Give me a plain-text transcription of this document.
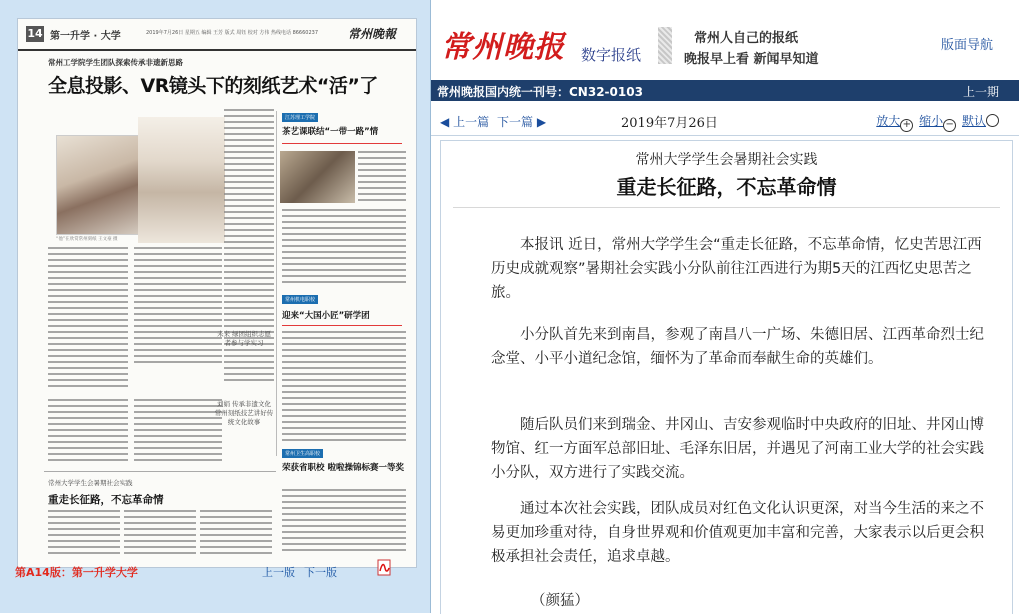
14 第一升学 · 大学	2019年7月26日 星期五 编辑 王芳 版式 周钰 校对 方伟 热线电话 86660237 常州晚報
常州工学院学生团队探索传承非遗新思路
全息投影、VR镜头下的刻纸艺术“活”了
“他”在欣赏常州刻纸 王文豪 摄
江苏理工学院
茶艺课联结“一带一路”情
未来 绿团组织志愿者参与学实习
常州机电职校
迎来“大国小匠”研学团
刘娟 传承非遗文化 常州刻纸技艺讲好传统文化故事
常州卫生高职校
荣获省职校 啦啦操锦标赛一等奖
常州大学学生会暑期社会实践
重走长征路，不忘革命情
第A14版：第一升学大学	上一版 下一版
常州晚报 数字报纸
常州人自己的报纸
晚报早上看 新闻早知道
版面导航
常州晚报国内统一刊号：CN32-0103	上一期
◀ 上一篇 下一篇 ▶	2019年7月26日	放大 + 缩小 − 默认
常州大学学生会暑期社会实践
重走长征路，不忘革命情

本报讯 近日，常州大学学生会“重走长征路，不忘革命情，忆史苦思江西历史成就观察”暑期社会实践小分队前往江西进行为期5天的江西忆史思苦之旅。

小分队首先来到南昌，参观了南昌八一广场、朱德旧居、江西革命烈士纪念堂、小平小道纪念馆，缅怀为了革命而奉献生命的英雄们。

随后队员们来到瑞金、井冈山、吉安参观临时中央政府的旧址、井冈山博物馆、红一方面军总部旧址、毛泽东旧居，并遇见了河南工业大学的社会实践小分队，双方进行了实践交流。

通过本次社会实践，团队成员对红色文化认识更深，对当今生活的来之不易更加珍重对待，自身世界观和价值观更加丰富和完善，大家表示以后更会积极承担社会责任，追求卓越。

（颜猛）
